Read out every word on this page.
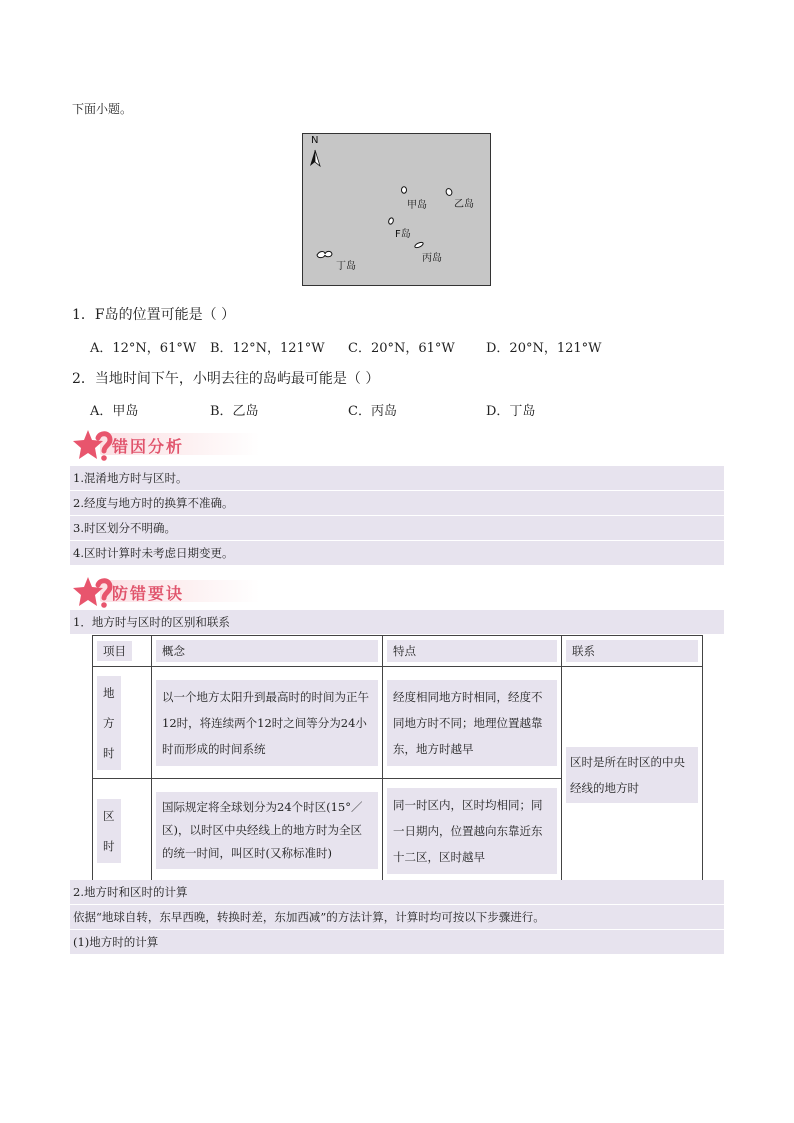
下面小题。
N
甲岛	乙岛
F岛
丙岛
丁岛
1．F岛的位置可能是（ ）
A．12°N，61°W B．12°N，121°W C．20°N，61°W D．20°N，121°W
2．当地时间下午，小明去往的岛屿最可能是（ ）
A．甲岛	B．乙岛	C．丙岛	D．丁岛
错因分析
1.混淆地方时与区时。
2.经度与地方时的换算不准确。
3.时区划分不明确。
4.区时计算时未考虑日期变更。
防错要诀
1．地方时与区时的区别和联系
项目	概念	特点	联系

地
方
时	以一个地方太阳升到最高时的时间为正午12时，将连续两个12时之间等分为24小时而形成的时间系统	经度相同地方时相同，经度不同地方时不同；地理位置越靠东，地方时越早	区时是所在时区的中央经线的地方时

区
时	国际规定将全球划分为24个时区(15°／区)，以时区中央经线上的地方时为全区的统一时间，叫区时(又称标准时)	同一时区内，区时均相同；同一日期内，位置越向东靠近东十二区，区时越早	
2.地方时和区时的计算
依据“地球自转，东早西晚，转换时差，东加西减”的方法计算，计算时均可按以下步骤进行。
(1)地方时的计算
